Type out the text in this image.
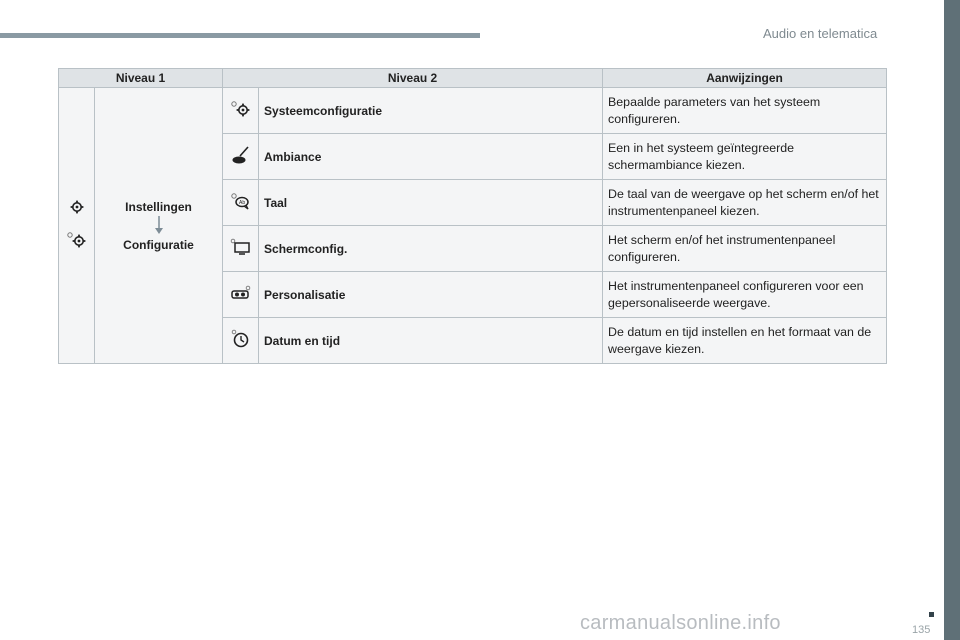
Audio en telematica
Niveau 1		Niveau 2		Aanwijzingen

Instellingen
Configuratie		Systeemconfiguratie	Bepaalde parameters van het systeem configureren.
	Ambiance	Een in het systeem geïntegreerde schermambiance kiezen.

Ab	Taal	De taal van de weergave op het scherm en/of het instrumentenpaneel kiezen.
	Schermconfig.	Het scherm en/of het instrumentenpaneel configureren.
	Personalisatie	Het instrumentenpaneel configureren voor een gepersonaliseerde weergave.
	Datum en tijd	De datum en tijd instellen en het formaat van de weergave kiezen.
carmanualsonline.info	135
